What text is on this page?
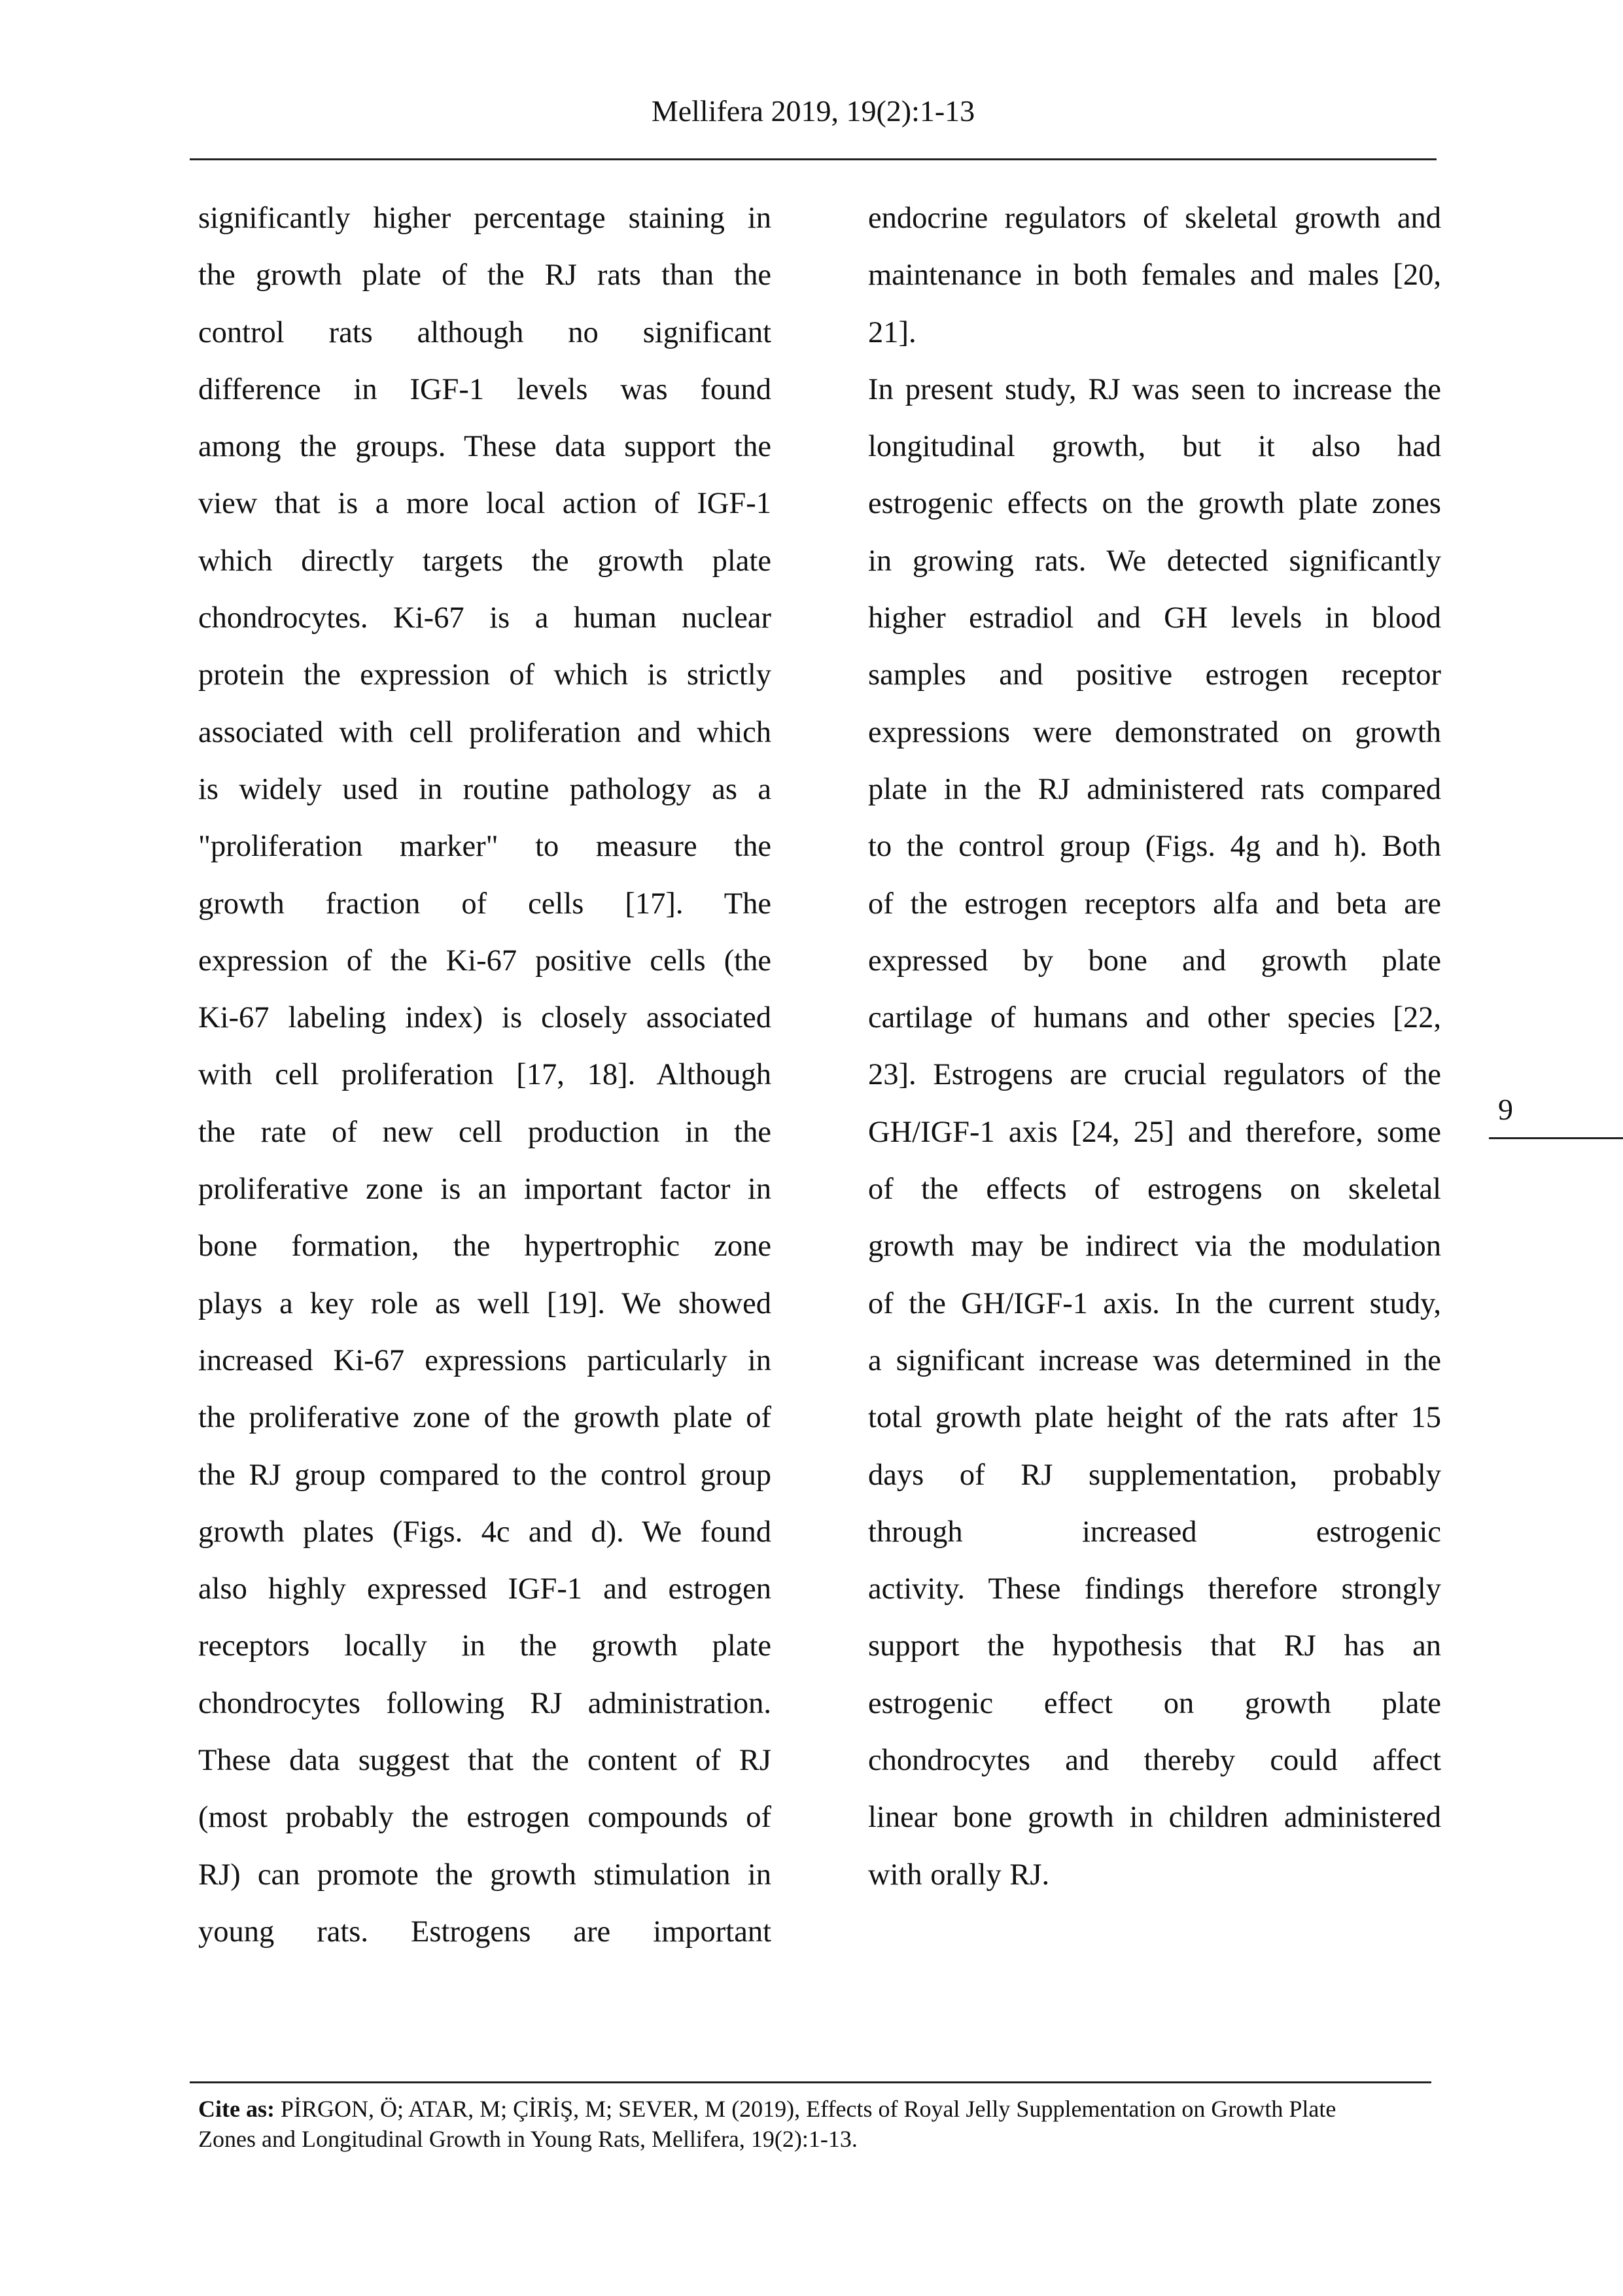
Mellifera 2019, 19(2):1-13

significantly higher percentage staining in

the growth plate of the RJ rats than the

control rats although no significant

difference in IGF-1 levels was found

among the groups. These data support the

view that is a more local action of IGF-1

which directly targets the growth plate

chondrocytes. Ki-67 is a human nuclear

protein the expression of which is strictly

associated with cell proliferation and which

is widely used in routine pathology as a

"proliferation marker" to measure the

growth fraction of cells [17]. The

expression of the Ki-67 positive cells (the

Ki-67 labeling index) is closely associated

with cell proliferation [17, 18]. Although

the rate of new cell production in the

proliferative zone is an important factor in

bone formation, the hypertrophic zone

plays a key role as well [19]. We showed

increased Ki-67 expressions particularly in

the proliferative zone of the growth plate of

the RJ group compared to the control group

growth plates (Figs. 4c and d). We found

also highly expressed IGF-1 and estrogen

receptors locally in the growth plate

chondrocytes following RJ administration.

These data suggest that the content of RJ

(most probably the estrogen compounds of

RJ) can promote the growth stimulation in

young rats. Estrogens are important

endocrine regulators of skeletal growth and

maintenance in both females and males [20,

21].

In present study, RJ was seen to increase the

longitudinal growth, but it also had

estrogenic effects on the growth plate zones

in growing rats. We detected significantly

higher estradiol and GH levels in blood

samples and positive estrogen receptor

expressions were demonstrated on growth

plate in the RJ administered rats compared

to the control group (Figs. 4g and h). Both

of the estrogen receptors alfa and beta are

expressed by bone and growth plate

cartilage of humans and other species [22,

23]. Estrogens are crucial regulators of the

GH/IGF-1 axis [24, 25] and therefore, some

of the effects of estrogens on skeletal

growth may be indirect via the modulation

of the GH/IGF-1 axis. In the current study,

a significant increase was determined in the

total growth plate height of the rats after 15

days of RJ supplementation, probably

through increased estrogenic

activity. These findings therefore strongly

support the hypothesis that RJ has an

estrogenic effect on growth plate

chondrocytes and thereby could affect

linear bone growth in children administered

with orally RJ.

9
Cite as: PİRGON, Ö; ATAR, M; ÇİRİŞ, M; SEVER, M (2019), Effects of Royal Jelly Supplementation on Growth Plate
Zones and Longitudinal Growth in Young Rats, Mellifera, 19(2):1-13.
